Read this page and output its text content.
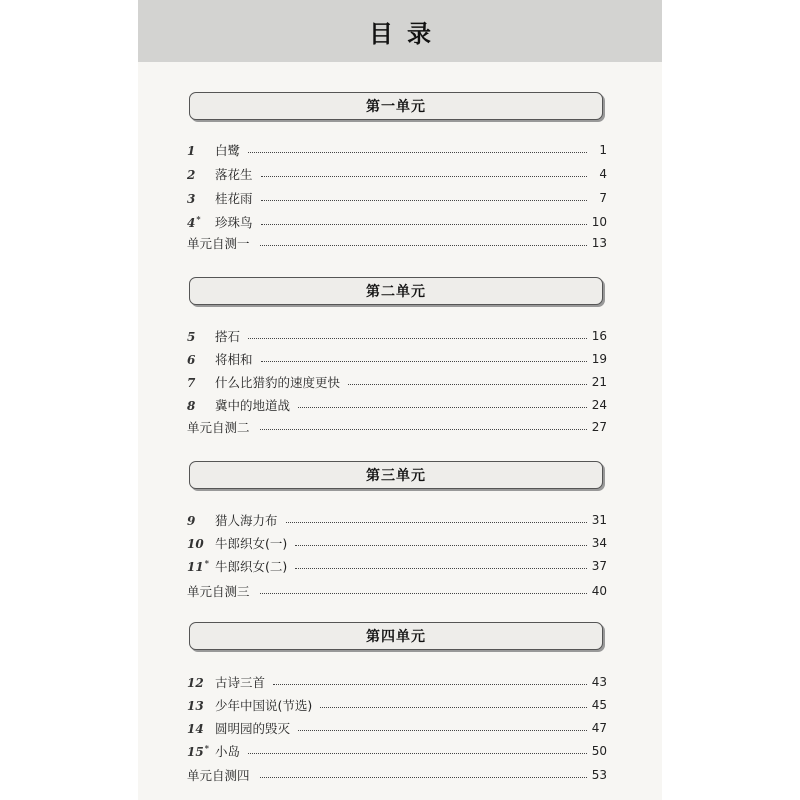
目录
第一单元
1	白鹭	1
2	落花生	4
3	桂花雨	7
4*	珍珠鸟	10
单元自测一	13
第二单元
5	搭石	16
6	将相和	19
7	什么比猎豹的速度更快	21
8	冀中的地道战	24
单元自测二	27
第三单元
9	猎人海力布	31
10 牛郎织女(一)	34
11* 牛郎织女(二)	37
单元自测三	40
第四单元
12 古诗三首	43
13 少年中国说(节选)	45
14 圆明园的毁灭	47
15* 小岛	50
单元自测四	53
